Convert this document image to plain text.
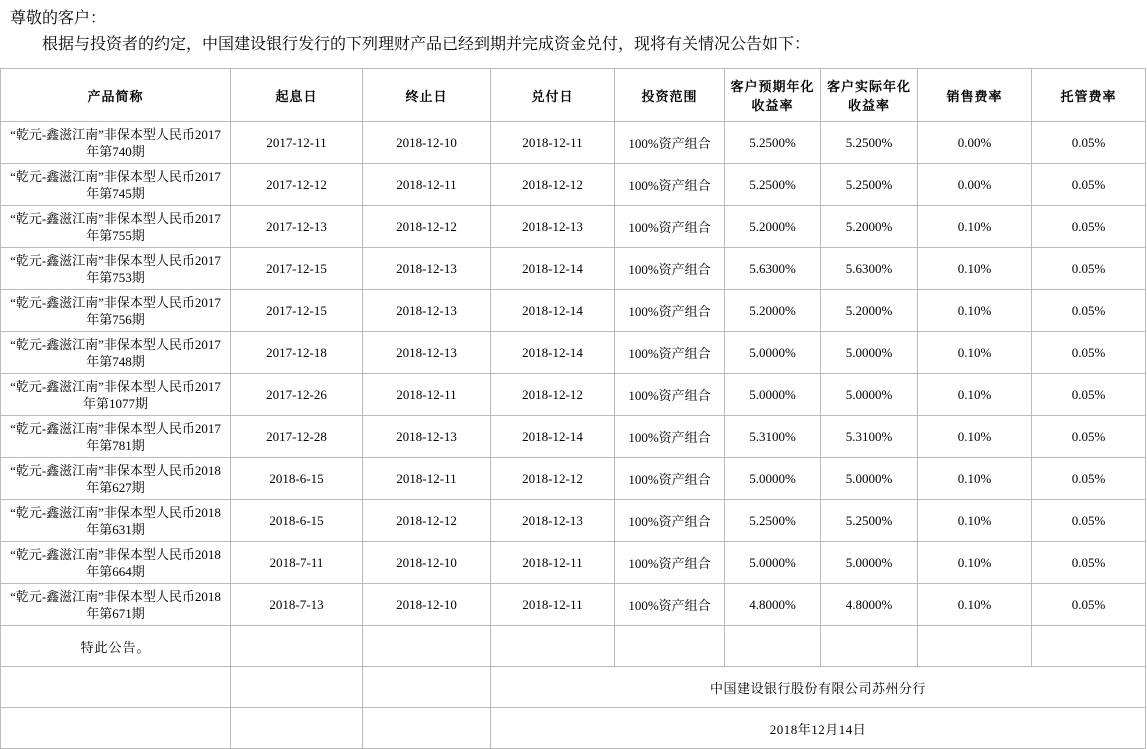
尊敬的客户：
根据与投资者的约定，中国建设银行发行的下列理财产品已经到期并完成资金兑付，现将有关情况公告如下：
产品简称	起息日	终止日	兑付日	投资范围	客户预期年化收益率	客户实际年化收益率	销售费率	托管费率
“乾元-鑫滋江南”非保本型人民币2017年第740期	2017-12-11	2018-12-10	2018-12-11	100%资产组合	5.2500%	5.2500%	0.00%	0.05%
“乾元-鑫滋江南”非保本型人民币2017年第745期	2017-12-12	2018-12-11	2018-12-12	100%资产组合	5.2500%	5.2500%	0.00%	0.05%
“乾元-鑫滋江南”非保本型人民币2017年第755期	2017-12-13	2018-12-12	2018-12-13	100%资产组合	5.2000%	5.2000%	0.10%	0.05%
“乾元-鑫滋江南”非保本型人民币2017年第753期	2017-12-15	2018-12-13	2018-12-14	100%资产组合	5.6300%	5.6300%	0.10%	0.05%
“乾元-鑫滋江南”非保本型人民币2017年第756期	2017-12-15	2018-12-13	2018-12-14	100%资产组合	5.2000%	5.2000%	0.10%	0.05%
“乾元-鑫滋江南”非保本型人民币2017年第748期	2017-12-18	2018-12-13	2018-12-14	100%资产组合	5.0000%	5.0000%	0.10%	0.05%
“乾元-鑫滋江南”非保本型人民币2017年第1077期	2017-12-26	2018-12-11	2018-12-12	100%资产组合	5.0000%	5.0000%	0.10%	0.05%
“乾元-鑫滋江南”非保本型人民币2017年第781期	2017-12-28	2018-12-13	2018-12-14	100%资产组合	5.3100%	5.3100%	0.10%	0.05%
“乾元-鑫滋江南”非保本型人民币2018年第627期	2018-6-15	2018-12-11	2018-12-12	100%资产组合	5.0000%	5.0000%	0.10%	0.05%
“乾元-鑫滋江南”非保本型人民币2018年第631期	2018-6-15	2018-12-12	2018-12-13	100%资产组合	5.2500%	5.2500%	0.10%	0.05%
“乾元-鑫滋江南”非保本型人民币2018年第664期	2018-7-11	2018-12-10	2018-12-11	100%资产组合	5.0000%	5.0000%	0.10%	0.05%
“乾元-鑫滋江南”非保本型人民币2018年第671期	2018-7-13	2018-12-10	2018-12-11	100%资产组合	4.8000%	4.8000%	0.10%	0.05%
特此公告。								
			中国建设银行股份有限公司苏州分行					
			2018年12月14日					
